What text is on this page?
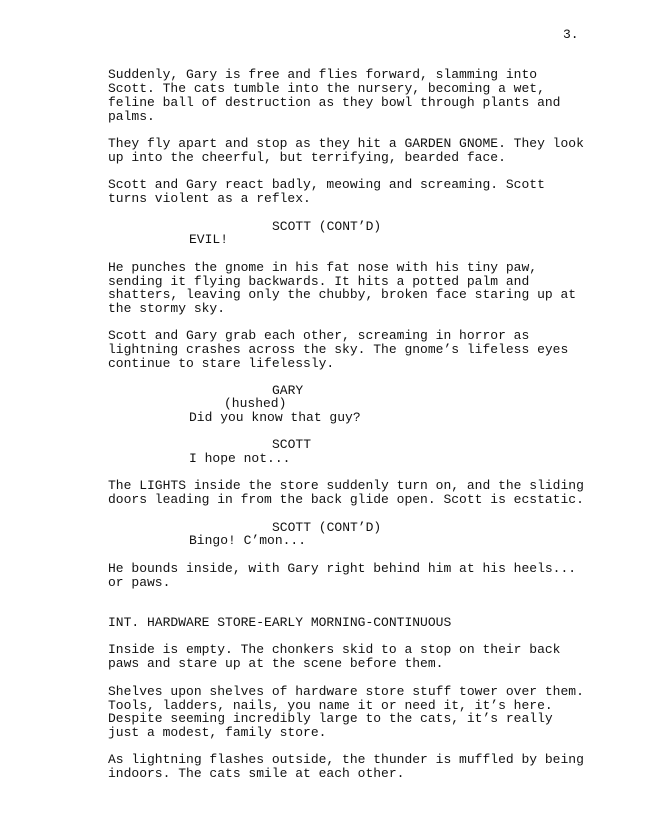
3.
Suddenly, Gary is free and flies forward, slamming into
Scott. The cats tumble into the nursery, becoming a wet,
feline ball of destruction as they bowl through plants and
palms.
They fly apart and stop as they hit a GARDEN GNOME. They look
up into the cheerful, but terrifying, bearded face.
Scott and Gary react badly, meowing and screaming. Scott
turns violent as a reflex.
SCOTT (CONT’D)
EVIL!
He punches the gnome in his fat nose with his tiny paw,
sending it flying backwards. It hits a potted palm and
shatters, leaving only the chubby, broken face staring up at
the stormy sky.
Scott and Gary grab each other, screaming in horror as
lightning crashes across the sky. The gnome’s lifeless eyes
continue to stare lifelessly.
GARY
(hushed)
Did you know that guy?
SCOTT
I hope not...
The LIGHTS inside the store suddenly turn on, and the sliding
doors leading in from the back glide open. Scott is ecstatic.
SCOTT (CONT’D)
Bingo! C’mon...
He bounds inside, with Gary right behind him at his heels...
or paws.
INT. HARDWARE STORE-EARLY MORNING-CONTINUOUS
Inside is empty. The chonkers skid to a stop on their back
paws and stare up at the scene before them.
Shelves upon shelves of hardware store stuff tower over them.
Tools, ladders, nails, you name it or need it, it’s here.
Despite seeming incredibly large to the cats, it’s really
just a modest, family store.
As lightning flashes outside, the thunder is muffled by being
indoors. The cats smile at each other.
